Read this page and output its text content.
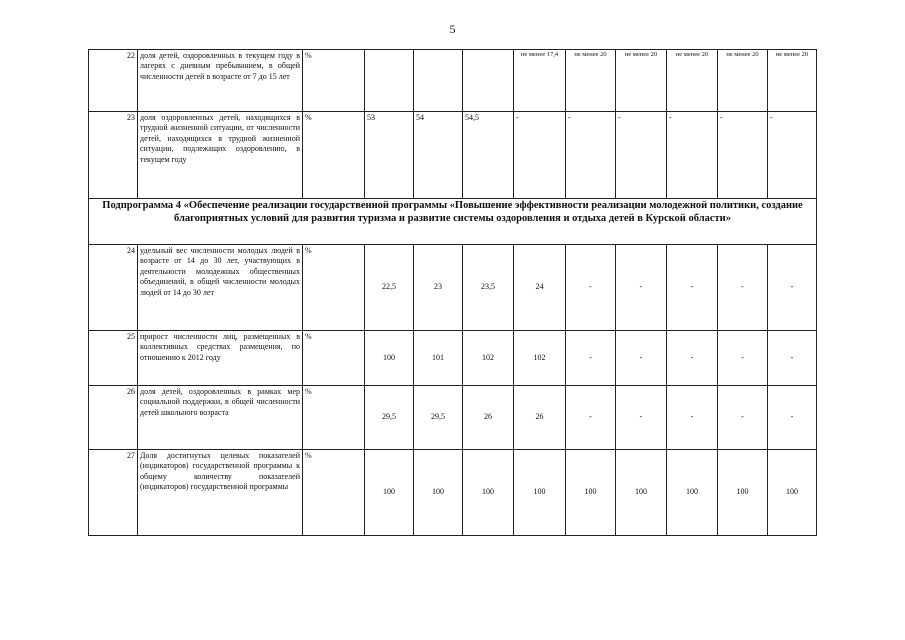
5
22	доля детей, оздоровленных в текущем году в лагерях с дневным пребыванием, в общей численности детей в возрасте от 7 до 15 лет	%				не менее 17,4	не менее 20	не менее 20	не менее 20	не менее 20	не менее 20
23	доля оздоровленных детей, находящихся в трудной жизненной ситуации, от численности детей, находящихся в трудной жизненной ситуации, подлежащих оздоровлению, в текущем году	%	53	54	54,5	-	-	-	-	-	-
Подпрограмма 4 «Обеспечение реализации государственной программы «Повышение эффективности реализации молодежной политики, создание благоприятных условий для развития туризма и развитие системы оздоровления и отдыха детей в Курской области»											
24	удельный вес численности молодых людей в возрасте от 14 до 30 лет, участвующих в деятельности молодежных общественных объединений, в общей численности молодых людей от 14 до 30 лет	%	22,5	23	23,5	24	-	-	-	-	-
25	прирост численности лиц, размещенных в коллективных средствах размещения, по отношению к 2012 году	%	100	101	102	102	-	-	-	-	-
26	доля детей, оздоровленных в рамках мер социальной поддержки, в общей численности детей школьного возраста	%	29,5	29,5	26	26	-	-	-	-	-
27	Доля достигнутых целевых показателей (индикаторов) государственной программы к общему количеству показателей (индикаторов) государственной программы	%	100	100	100	100	100	100	100	100	100
